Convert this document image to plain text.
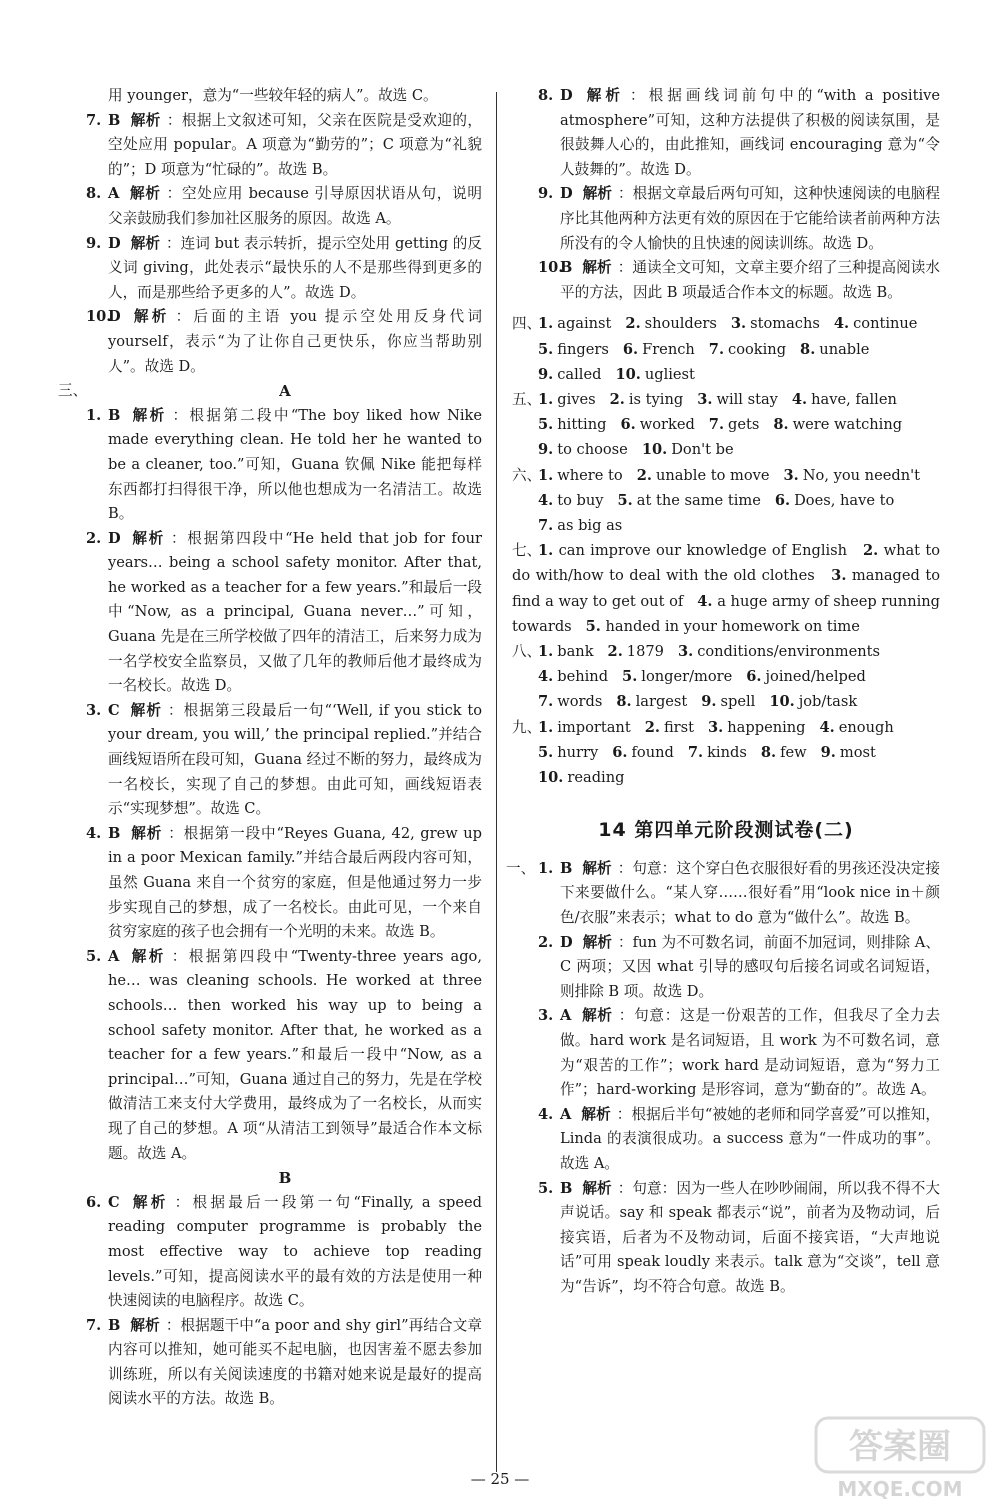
用 younger，意为“一些较年轻的病人”。故选 C。
7. B 解析 ：根据上文叙述可知，父亲在医院是受欢迎的，空处应用 popular。A 项意为“勤劳的”；C 项意为“礼貌的”；D 项意为“忙碌的”。故选 B。
8. A 解析 ：空处应用 because 引导原因状语从句，说明父亲鼓励我们参加社区服务的原因。故选 A。
9. D 解析 ：连词 but 表示转折，提示空处用 getting 的反义词 giving，此处表示“最快乐的人不是那些得到更多的人，而是那些给予更多的人”。故选 D。
10.
D 解析 ：后面的主语 you 提示空处用反身代词 yourself，表示“为了让你自己更快乐，你应当帮助别人”。故选 D。
三、	A
1. B 解析 ：根据第二段中“The boy liked how Nike made everything clean. He told her he wanted to be a cleaner, too.”可知，Guana 钦佩 Nike 能把每样东西都打扫得很干净，所以他也想成为一名清洁工。故选 B。
2. D 解析 ：根据第四段中“He held that job for four years… being a school safety monitor. After that, he worked as a teacher for a few years.”和最后一段中“Now, as a principal, Guana never…”可知，Guana 先是在三所学校做了四年的清洁工，后来努力成为一名学校安全监察员，又做了几年的教师后他才最终成为一名校长。故选 D。
3. C 解析 ：根据第三段最后一句“‘Well, if you stick to your dream, you will,’ the principal replied.”并结合画线短语所在段可知，Guana 经过不断的努力，最终成为一名校长，实现了自己的梦想。由此可知，画线短语表示“实现梦想”。故选 C。
4. B 解析 ：根据第一段中“Reyes Guana, 42, grew up in a poor Mexican family.”并结合最后两段内容可知，虽然 Guana 来自一个贫穷的家庭，但是他通过努力一步步实现自己的梦想，成了一名校长。由此可见，一个来自贫穷家庭的孩子也会拥有一个光明的未来。故选 B。
5. A 解析 ：根据第四段中“Twenty-three years ago, he… was cleaning schools. He worked at three schools… then worked his way up to being a school safety monitor. After that, he worked as a teacher for a few years.”和最后一段中“Now, as a principal…”可知，Guana 通过自己的努力，先是在学校做清洁工来支付大学费用，最终成为了一名校长，从而实现了自己的梦想。A 项“从清洁工到领导”最适合作本文标题。故选 A。
B
6. C 解析 ：根据最后一段第一句“Finally, a speed reading computer programme is probably the most effective way to achieve top reading levels.”可知，提高阅读水平的最有效的方法是使用一种快速阅读的电脑程序。故选 C。
7. B 解析 ：根据题干中“a poor and shy girl”再结合文章内容可以推知，她可能买不起电脑，也因害羞不愿去参加训练班，所以有关阅读速度的书籍对她来说是最好的提高阅读水平的方法。故选 B。
8. D 解析 ：根据画线词前句中的“with a positive atmosphere”可知，这种方法提供了积极的阅读氛围，是很鼓舞人心的，由此推知，画线词 encouraging 意为“令人鼓舞的”。故选 D。
9. D 解析 ：根据文章最后两句可知，这种快速阅读的电脑程序比其他两种方法更有效的原因在于它能给读者前两种方法所没有的令人愉快的且快速的阅读训练。故选 D。
10.
B 解析 ：通读全文可知，文章主要介绍了三种提高阅读水平的方法，因此 B 项最适合作本文的标题。故选 B。
四、
1. against 2. shoulders 3. stomachs 4. continue
5. fingers 6. French 7. cooking 8. unable
9. called 10. ugliest
五、
1. gives 2. is tying 3. will stay 4. have, fallen
5. hitting 6. worked 7. gets 8. were watching
9. to choose 10. Don't be
六、
1. where to 2. unable to move 3. No, you needn't
4. to buy 5. at the same time 6. Does, have to
7. as big as
七、
1. can improve our knowledge of English 2. what to do with/how to deal with the old clothes 3. managed to find a way to get out of 4. a huge army of sheep running towards 5. handed in your homework on time
八、
1. bank 2. 1879 3. conditions/environments
4. behind 5. longer/more 6. joined/helped
7. words 8. largest 9. spell 10. job/task
九、
1. important 2. first 3. happening 4. enough
5. hurry 6. found 7. kinds 8. few 9. most
10. reading
14 第四单元阶段测试卷(二)
一、 1. B 解析 ：句意：这个穿白色衣服很好看的男孩还没决定接下来要做什么。“某人穿……很好看”用“look nice in＋颜色/衣服”来表示；what to do 意为“做什么”。故选 B。
2. D 解析 ：fun 为不可数名词，前面不加冠词，则排除 A、C 两项；又因 what 引导的感叹句后接名词或名词短语，则排除 B 项。故选 D。
3. A 解析 ：句意：这是一份艰苦的工作，但我尽了全力去做。hard work 是名词短语，且 work 为不可数名词，意为“艰苦的工作”；work hard 是动词短语，意为“努力工作”；hard-working 是形容词，意为“勤奋的”。故选 A。
4. A 解析 ：根据后半句“被她的老师和同学喜爱”可以推知，Linda 的表演很成功。a success 意为“一件成功的事”。故选 A。
5. B 解析 ：句意：因为一些人在吵吵闹闹，所以我不得不大声说话。say 和 speak 都表示“说”，前者为及物动词，后接宾语，后者为不及物动词，后面不接宾语，“大声地说话”可用 speak loudly 来表示。talk 意为“交谈”，tell 意为“告诉”，均不符合句意。故选 B。
— 25 —
答案圈
MXQE.COM
